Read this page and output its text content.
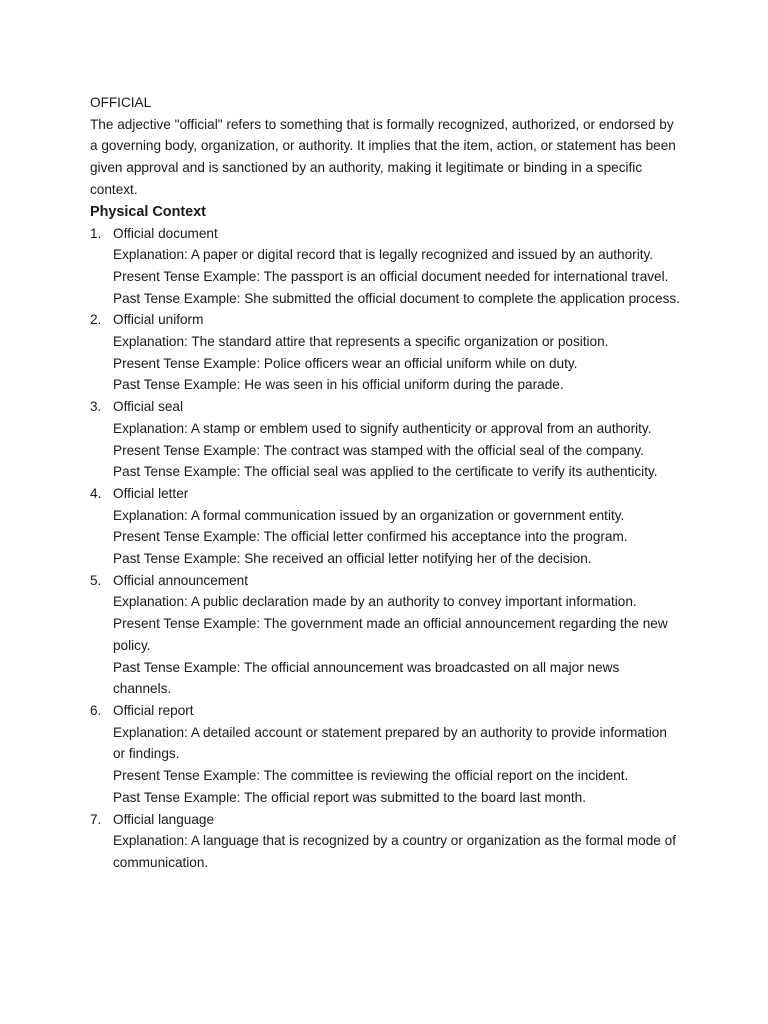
OFFICIAL

The adjective "official" refers to something that is formally recognized, authorized, or endorsed by a governing body, organization, or authority. It implies that the item, action, or statement has been given approval and is sanctioned by an authority, making it legitimate or binding in a specific context.

Physical Context
1. Official document
Explanation: A paper or digital record that is legally recognized and issued by an authority.
Present Tense Example: The passport is an official document needed for international travel.
Past Tense Example: She submitted the official document to complete the application process.
2. Official uniform
Explanation: The standard attire that represents a specific organization or position.
Present Tense Example: Police officers wear an official uniform while on duty.
Past Tense Example: He was seen in his official uniform during the parade.
3. Official seal
Explanation: A stamp or emblem used to signify authenticity or approval from an authority.
Present Tense Example: The contract was stamped with the official seal of the company.
Past Tense Example: The official seal was applied to the certificate to verify its authenticity.
4. Official letter
Explanation: A formal communication issued by an organization or government entity.
Present Tense Example: The official letter confirmed his acceptance into the program.
Past Tense Example: She received an official letter notifying her of the decision.
5. Official announcement
Explanation: A public declaration made by an authority to convey important information.
Present Tense Example: The government made an official announcement regarding the new policy.
Past Tense Example: The official announcement was broadcasted on all major news channels.
6. Official report
Explanation: A detailed account or statement prepared by an authority to provide information or findings.
Present Tense Example: The committee is reviewing the official report on the incident.
Past Tense Example: The official report was submitted to the board last month.
7. Official language
Explanation: A language that is recognized by a country or organization as the formal mode of communication.
